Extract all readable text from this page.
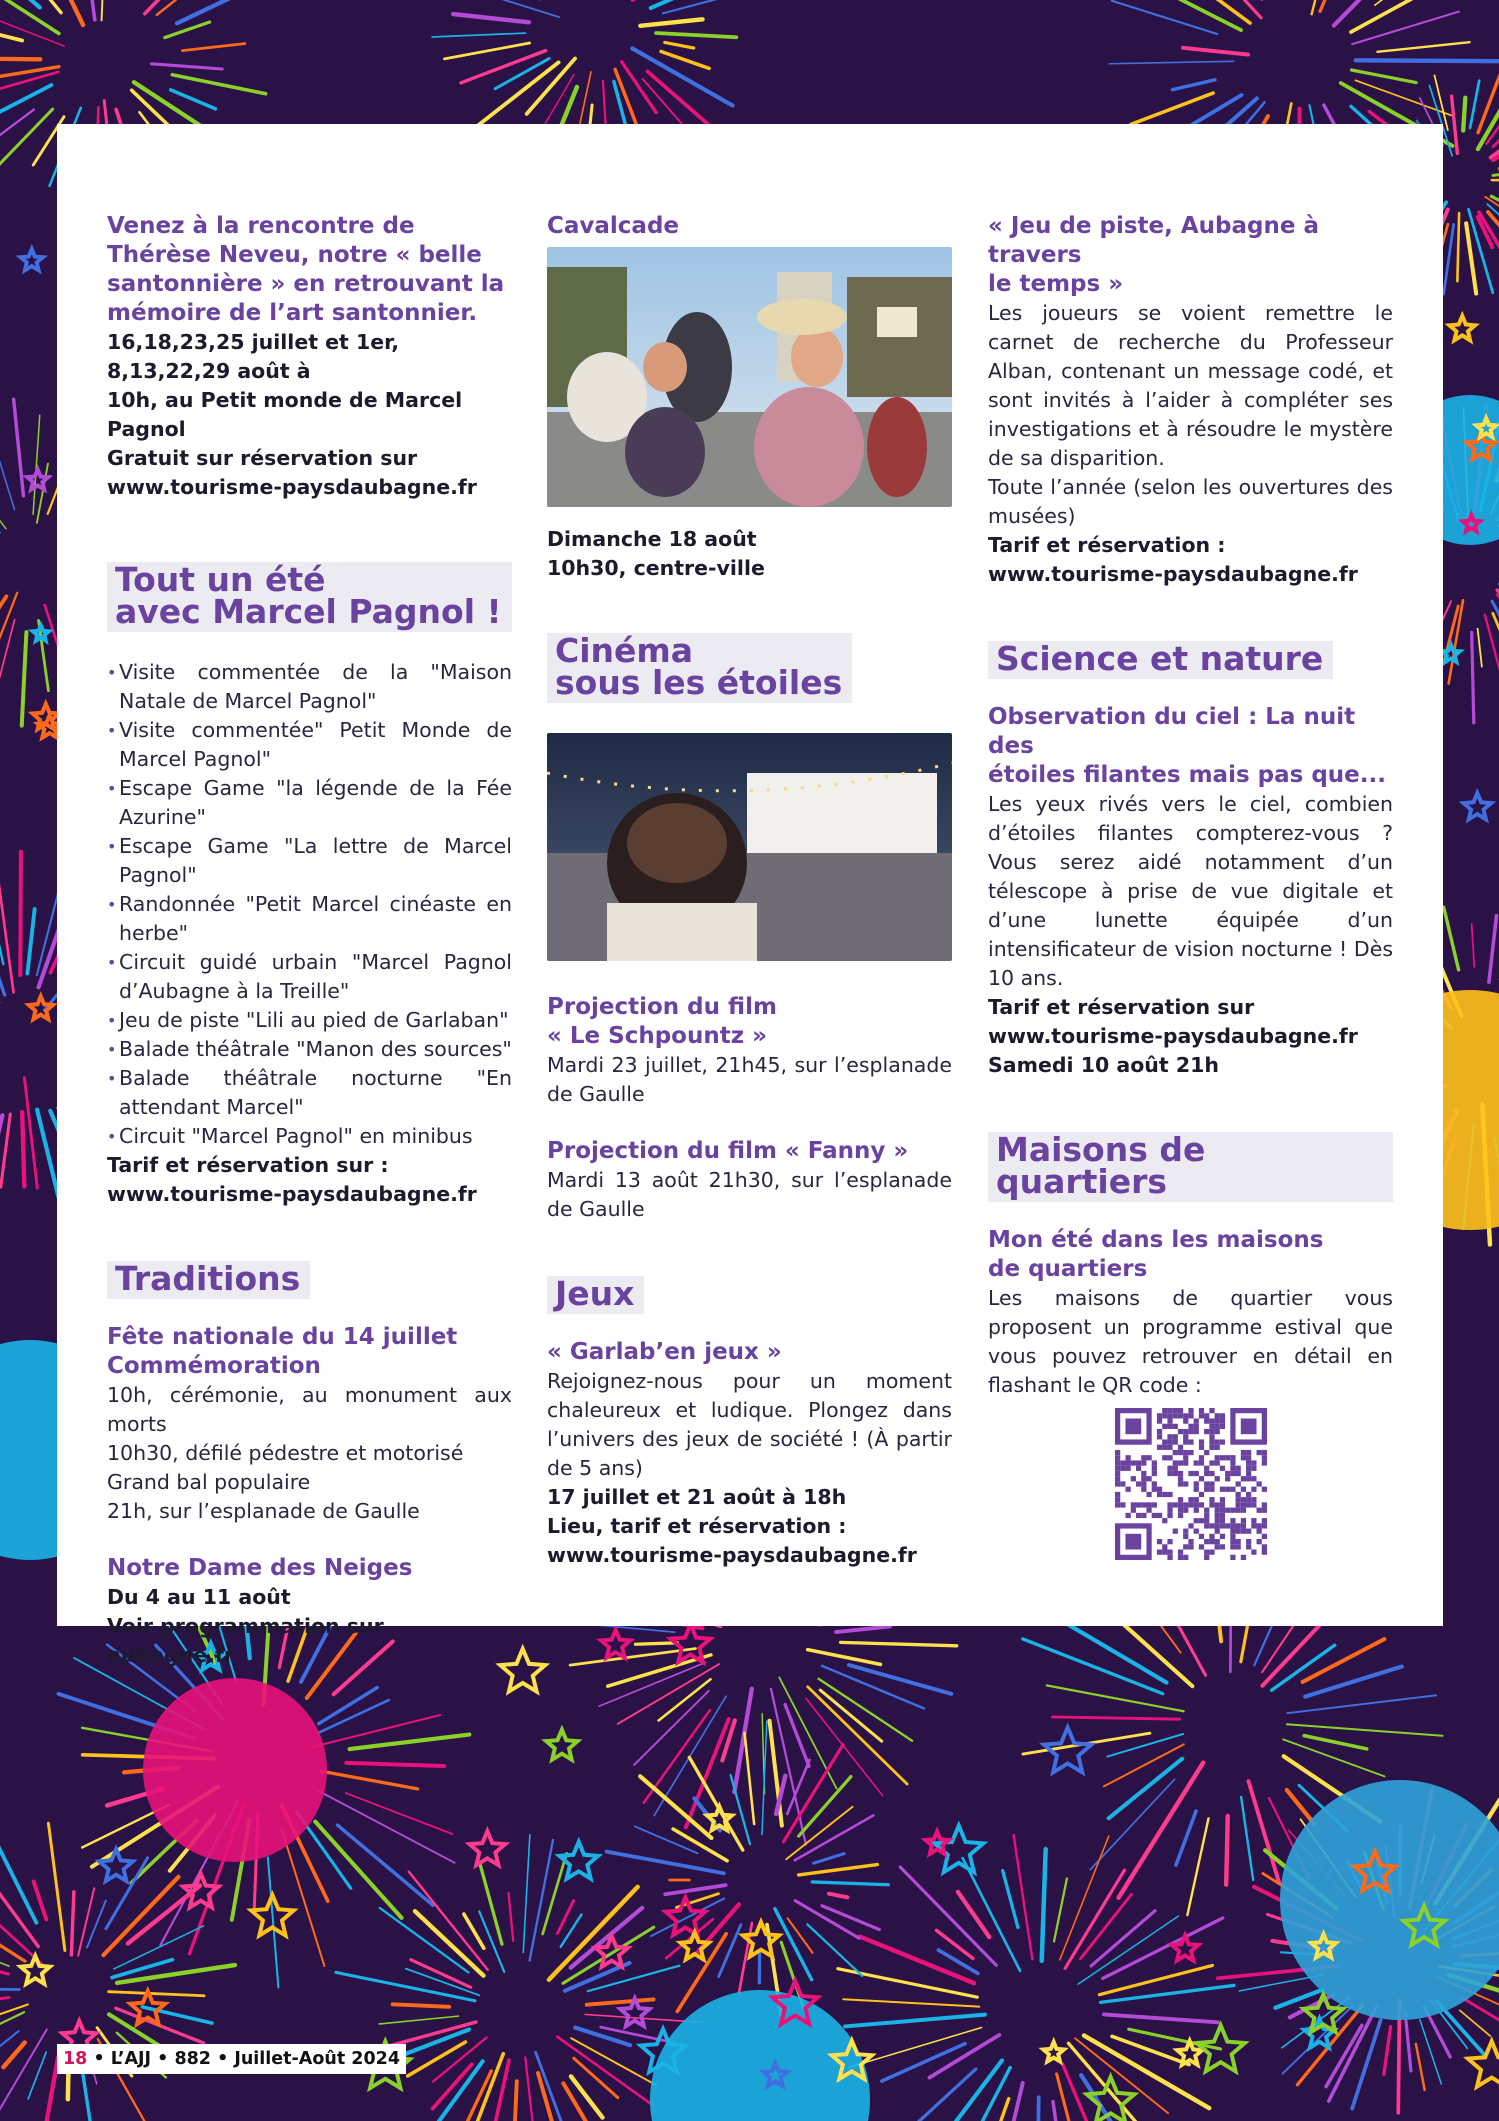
Venez à la rencontre de
Thérèse Neveu, notre « belle
santonnière » en retrouvant la
mémoire de l’art santonnier.
16,18,23,25 juillet et 1er, 8,13,22,29 août à
10h, au Petit monde de Marcel Pagnol
Gratuit sur réservation sur
www.tourisme-paysdaubagne.fr
Tout un été
avec Marcel Pagnol !
• Visite commentée de la "Maison Natale de Marcel Pagnol"
• Visite commentée" Petit Monde de Marcel Pagnol"
• Escape Game "la légende de la Fée Azurine"
• Escape Game "La lettre de Marcel Pagnol"
• Randonnée "Petit Marcel cinéaste en herbe"
• Circuit guidé urbain "Marcel Pagnol d’Aubagne à la Treille"
• Jeu de piste "Lili au pied de Garlaban"
• Balade théâtrale "Manon des sources"
• Balade théâtrale nocturne "En attendant Marcel"
• Circuit "Marcel Pagnol" en minibus
Tarif et réservation sur :
www.tourisme-paysdaubagne.fr
Traditions
Fête nationale du 14 juillet
Commémoration
10h, cérémonie, au monument aux morts
10h30, défilé pédestre et motorisé
Grand bal populaire
21h, sur l’esplanade de Gaulle
Notre Dame des Neiges
Du 4 au 11 août
Voir programmation sur aubagne.fr
Cavalcade
Dimanche 18 août
10h30, centre-ville
Cinéma
sous les étoiles
Projection du film
« Le Schpountz »
Mardi 23 juillet, 21h45, sur l’esplanade de Gaulle
Projection du film « Fanny »
Mardi 13 août 21h30, sur l’esplanade de Gaulle
Jeux
« Garlab’en jeux »
Rejoignez-nous pour un moment chaleureux et ludique. Plongez dans l’univers des jeux de société ! (À partir de 5 ans)
17 juillet et 21 août à 18h
Lieu, tarif et réservation :
www.tourisme-paysdaubagne.fr
« Jeu de piste, Aubagne à travers
le temps »
Les joueurs se voient remettre le carnet de recherche du Professeur Alban, contenant un message codé, et sont invités à l’aider à compléter ses investigations et à résoudre le mystère de sa disparition.
Toute l’année (selon les ouvertures des musées)
Tarif et réservation :
www.tourisme-paysdaubagne.fr
Science et nature
Observation du ciel : La nuit des
étoiles filantes mais pas que...
Les yeux rivés vers le ciel, combien d’étoiles filantes compterez-vous ? Vous serez aidé notamment d’un télescope à prise de vue digitale et d’une lunette équipée d’un intensificateur de vision nocturne ! Dès 10 ans.
Tarif et réservation sur
www.tourisme-paysdaubagne.fr
Samedi 10 août 21h
Maisons de quartiers
Mon été dans les maisons
de quartiers
Les maisons de quartier vous proposent un programme estival que vous pouvez retrouver en détail en flashant le QR code :
18 • L’AJJ • 882 • Juillet-Août 2024
